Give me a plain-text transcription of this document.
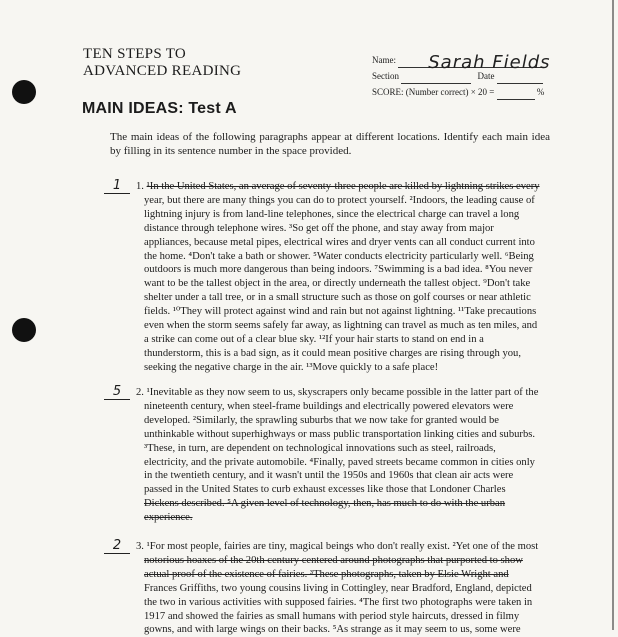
TEN STEPS TO
ADVANCED READING
Name: Sarah Fields
Section	Date
SCORE: (Number correct) × 20 =	%
MAIN IDEAS: Test A
The main ideas of the following paragraphs appear at different locations. Identify each main idea by filling in its sentence number in the space provided.
1	1. ¹In the United States, an average of seventy-three people are killed by lightning strikes every
year, but there are many things you can do to protect yourself. ²Indoors, the leading cause of
lightning injury is from land-line telephones, since the electrical charge can travel a long
distance through telephone wires. ³So get off the phone, and stay away from major
appliances, because metal pipes, electrical wires and dryer vents can all conduct current into
the home. ⁴Don't take a bath or shower. ⁵Water conducts electricity particularly well. ⁶Being
outdoors is much more dangerous than being indoors. ⁷Swimming is a bad idea. ⁸You never
want to be the tallest object in the area, or directly underneath the tallest object. ⁹Don't take
shelter under a tall tree, or in a small structure such as those on golf courses or near athletic
fields. ¹⁰They will protect against wind and rain but not against lightning. ¹¹Take precautions
even when the storm seems safely far away, as lightning can travel as much as ten miles, and
a strike can come out of a clear blue sky. ¹²If your hair starts to stand on end in a
thunderstorm, this is a bad sign, as it could mean positive charges are rising through you,
seeking the negative charge in the air. ¹³Move quickly to a safe place!
5	2. ¹Inevitable as they now seem to us, skyscrapers only became possible in the latter part of the
nineteenth century, when steel-frame buildings and electrically powered elevators were
developed. ²Similarly, the sprawling suburbs that we now take for granted would be
unthinkable without superhighways or mass public transportation linking cities and suburbs.
³These, in turn, are dependent on technological innovations such as steel, railroads,
electricity, and the private automobile. ⁴Finally, paved streets became common in cities only
in the twentieth century, and it wasn't until the 1950s and 1960s that clean air acts were
passed in the United States to curb exhaust excesses like those that Londoner Charles
Dickens described. ⁵A given level of technology, then, has much to do with the urban
experience.
2	3. ¹For most people, fairies are tiny, magical beings who don't really exist. ²Yet one of the most
notorious hoaxes of the 20th century centered around photographs that purported to show
actual proof of the existence of fairies. ³These photographs, taken by Elsie Wright and
Frances Griffiths, two young cousins living in Cottingley, near Bradford, England, depicted
the two in various activities with supposed fairies. ⁴The first two photographs were taken in
1917 and showed the fairies as small humans with period style haircuts, dressed in filmy
gowns, and with large wings on their backs. ⁵As strange as it may seem to us, some were
